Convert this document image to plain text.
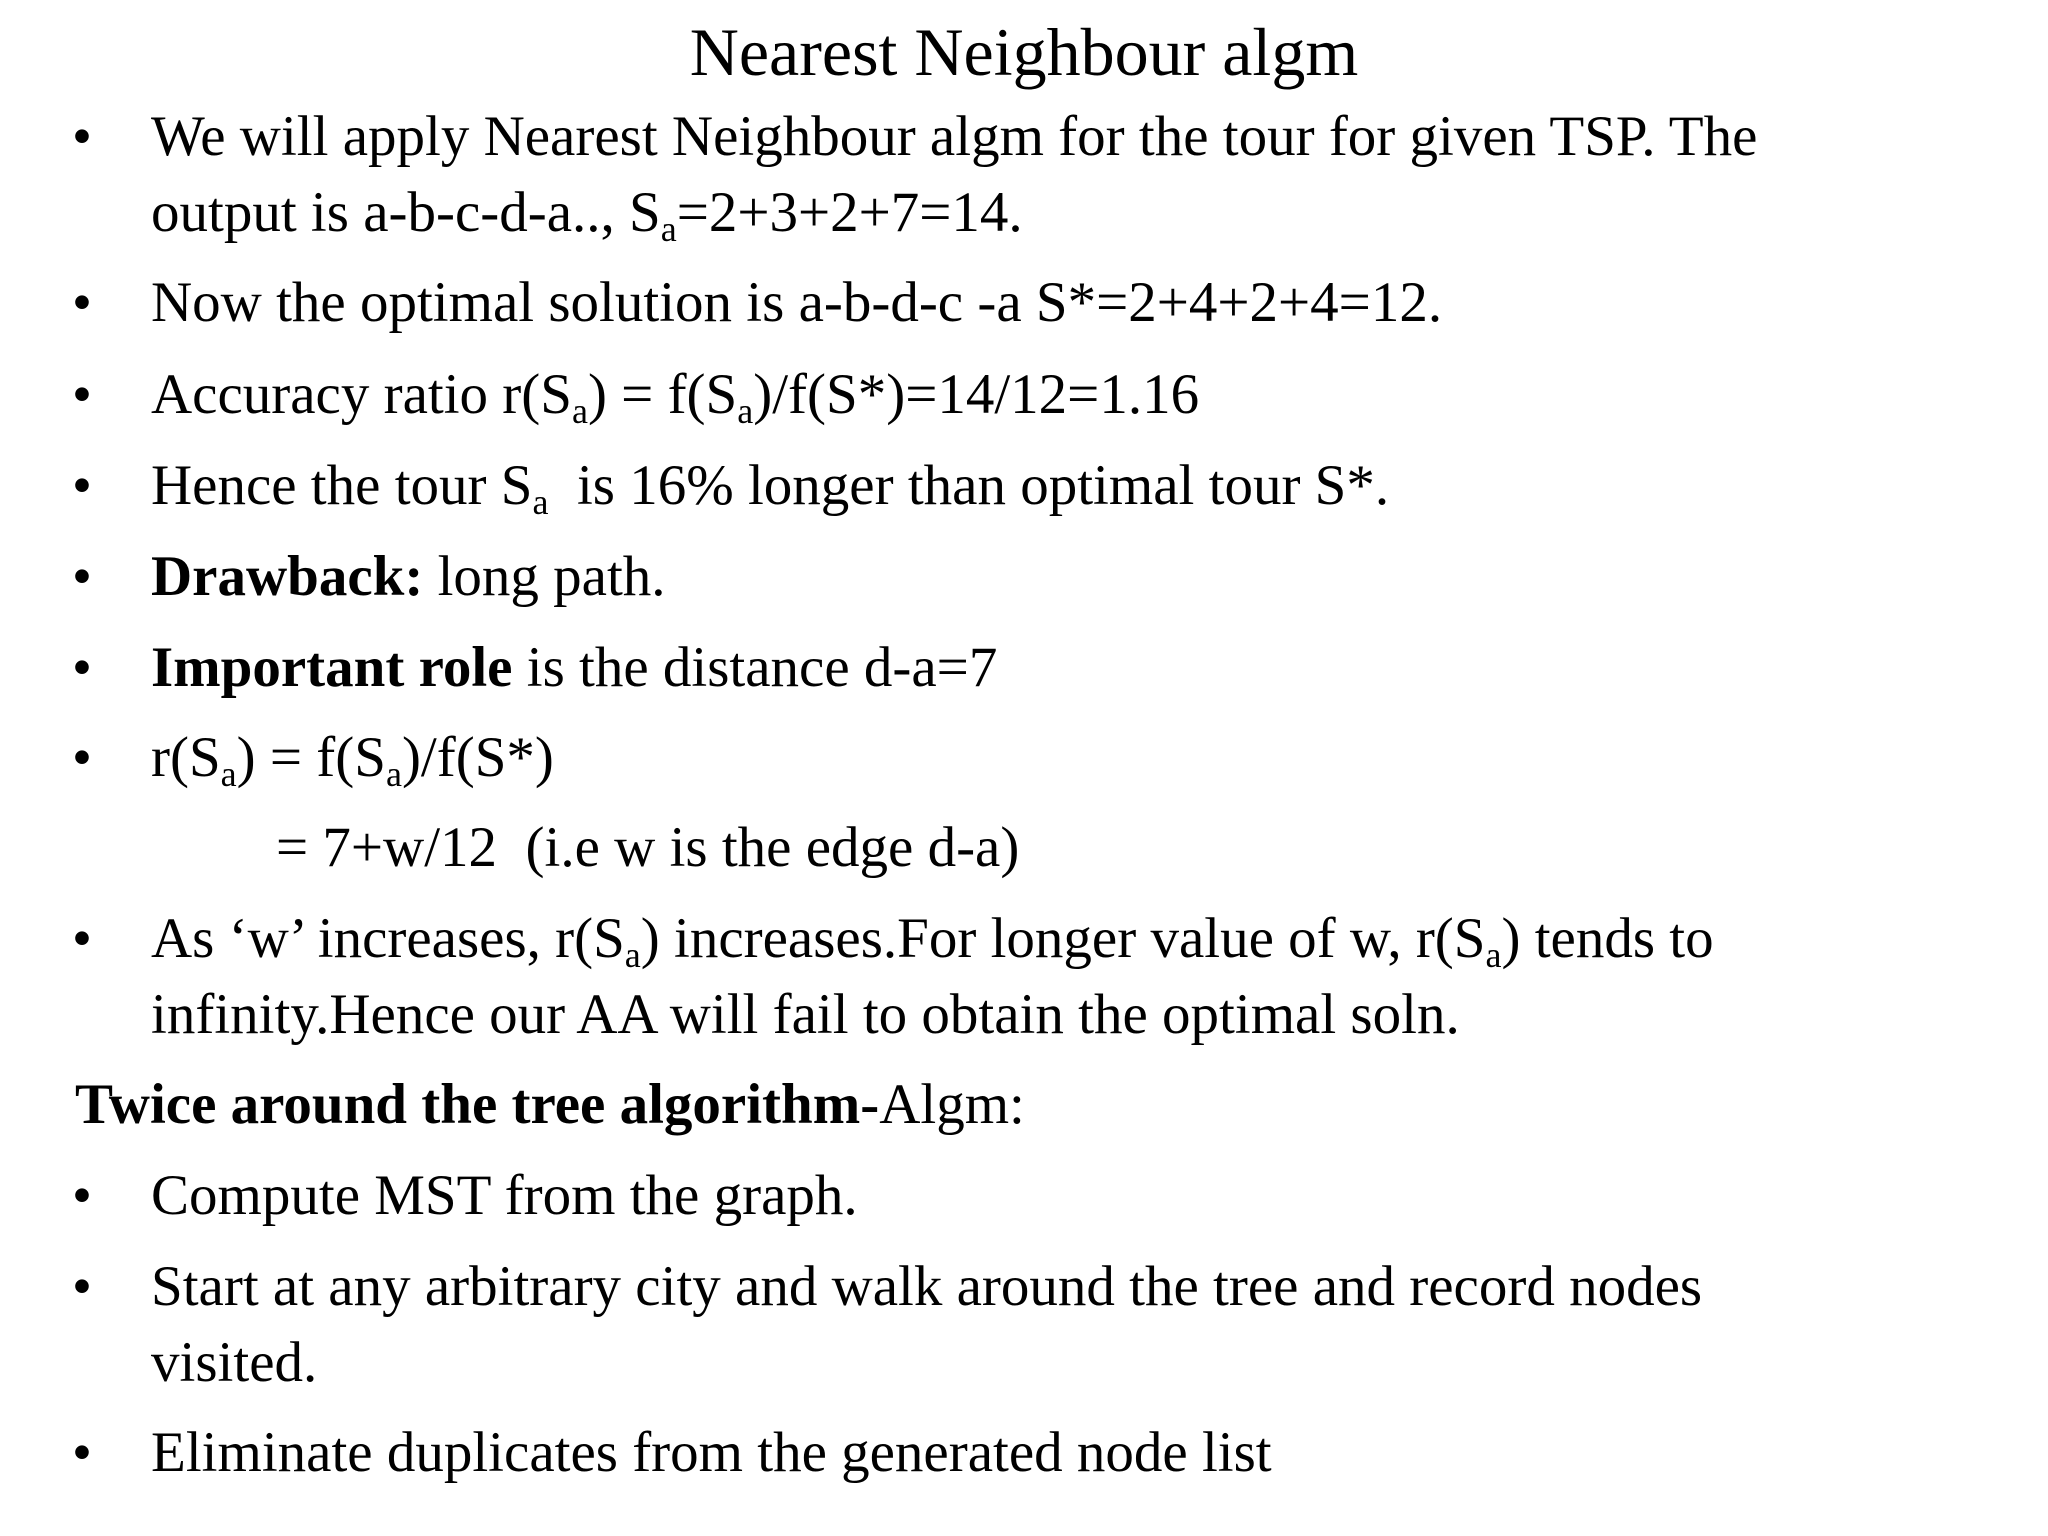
Nearest Neighbour algm
• We will apply Nearest Neighbour algm for the tour for given TSP. The
output is a-b-c-d-a.., $S_a=2+3+2+7=14$.
• Now the optimal solution is a-b-d-c -a S*=2+4+2+4=12.
• Accuracy ratio $r(S_a) = f(S_a)/f(S*)=14/12=1.16$
• Hence the tour $S_a$  is 16% longer than optimal tour S*.
• Drawback: long path.
• Important role is the distance d-a=7
• $r(S_a) = f(S_a)/f(S*)$
= 7+w/12  (i.e w is the edge d-a)
• As ‘w’ increases, $r(S_a)$ increases.For longer value of w, $r(S_a)$ tends to
infinity.Hence our AA will fail to obtain the optimal soln.
Twice around the tree algorithm-Algm:
• Compute MST from the graph.
• Start at any arbitrary city and walk around the tree and record nodes
visited.
• Eliminate duplicates from the generated node list
